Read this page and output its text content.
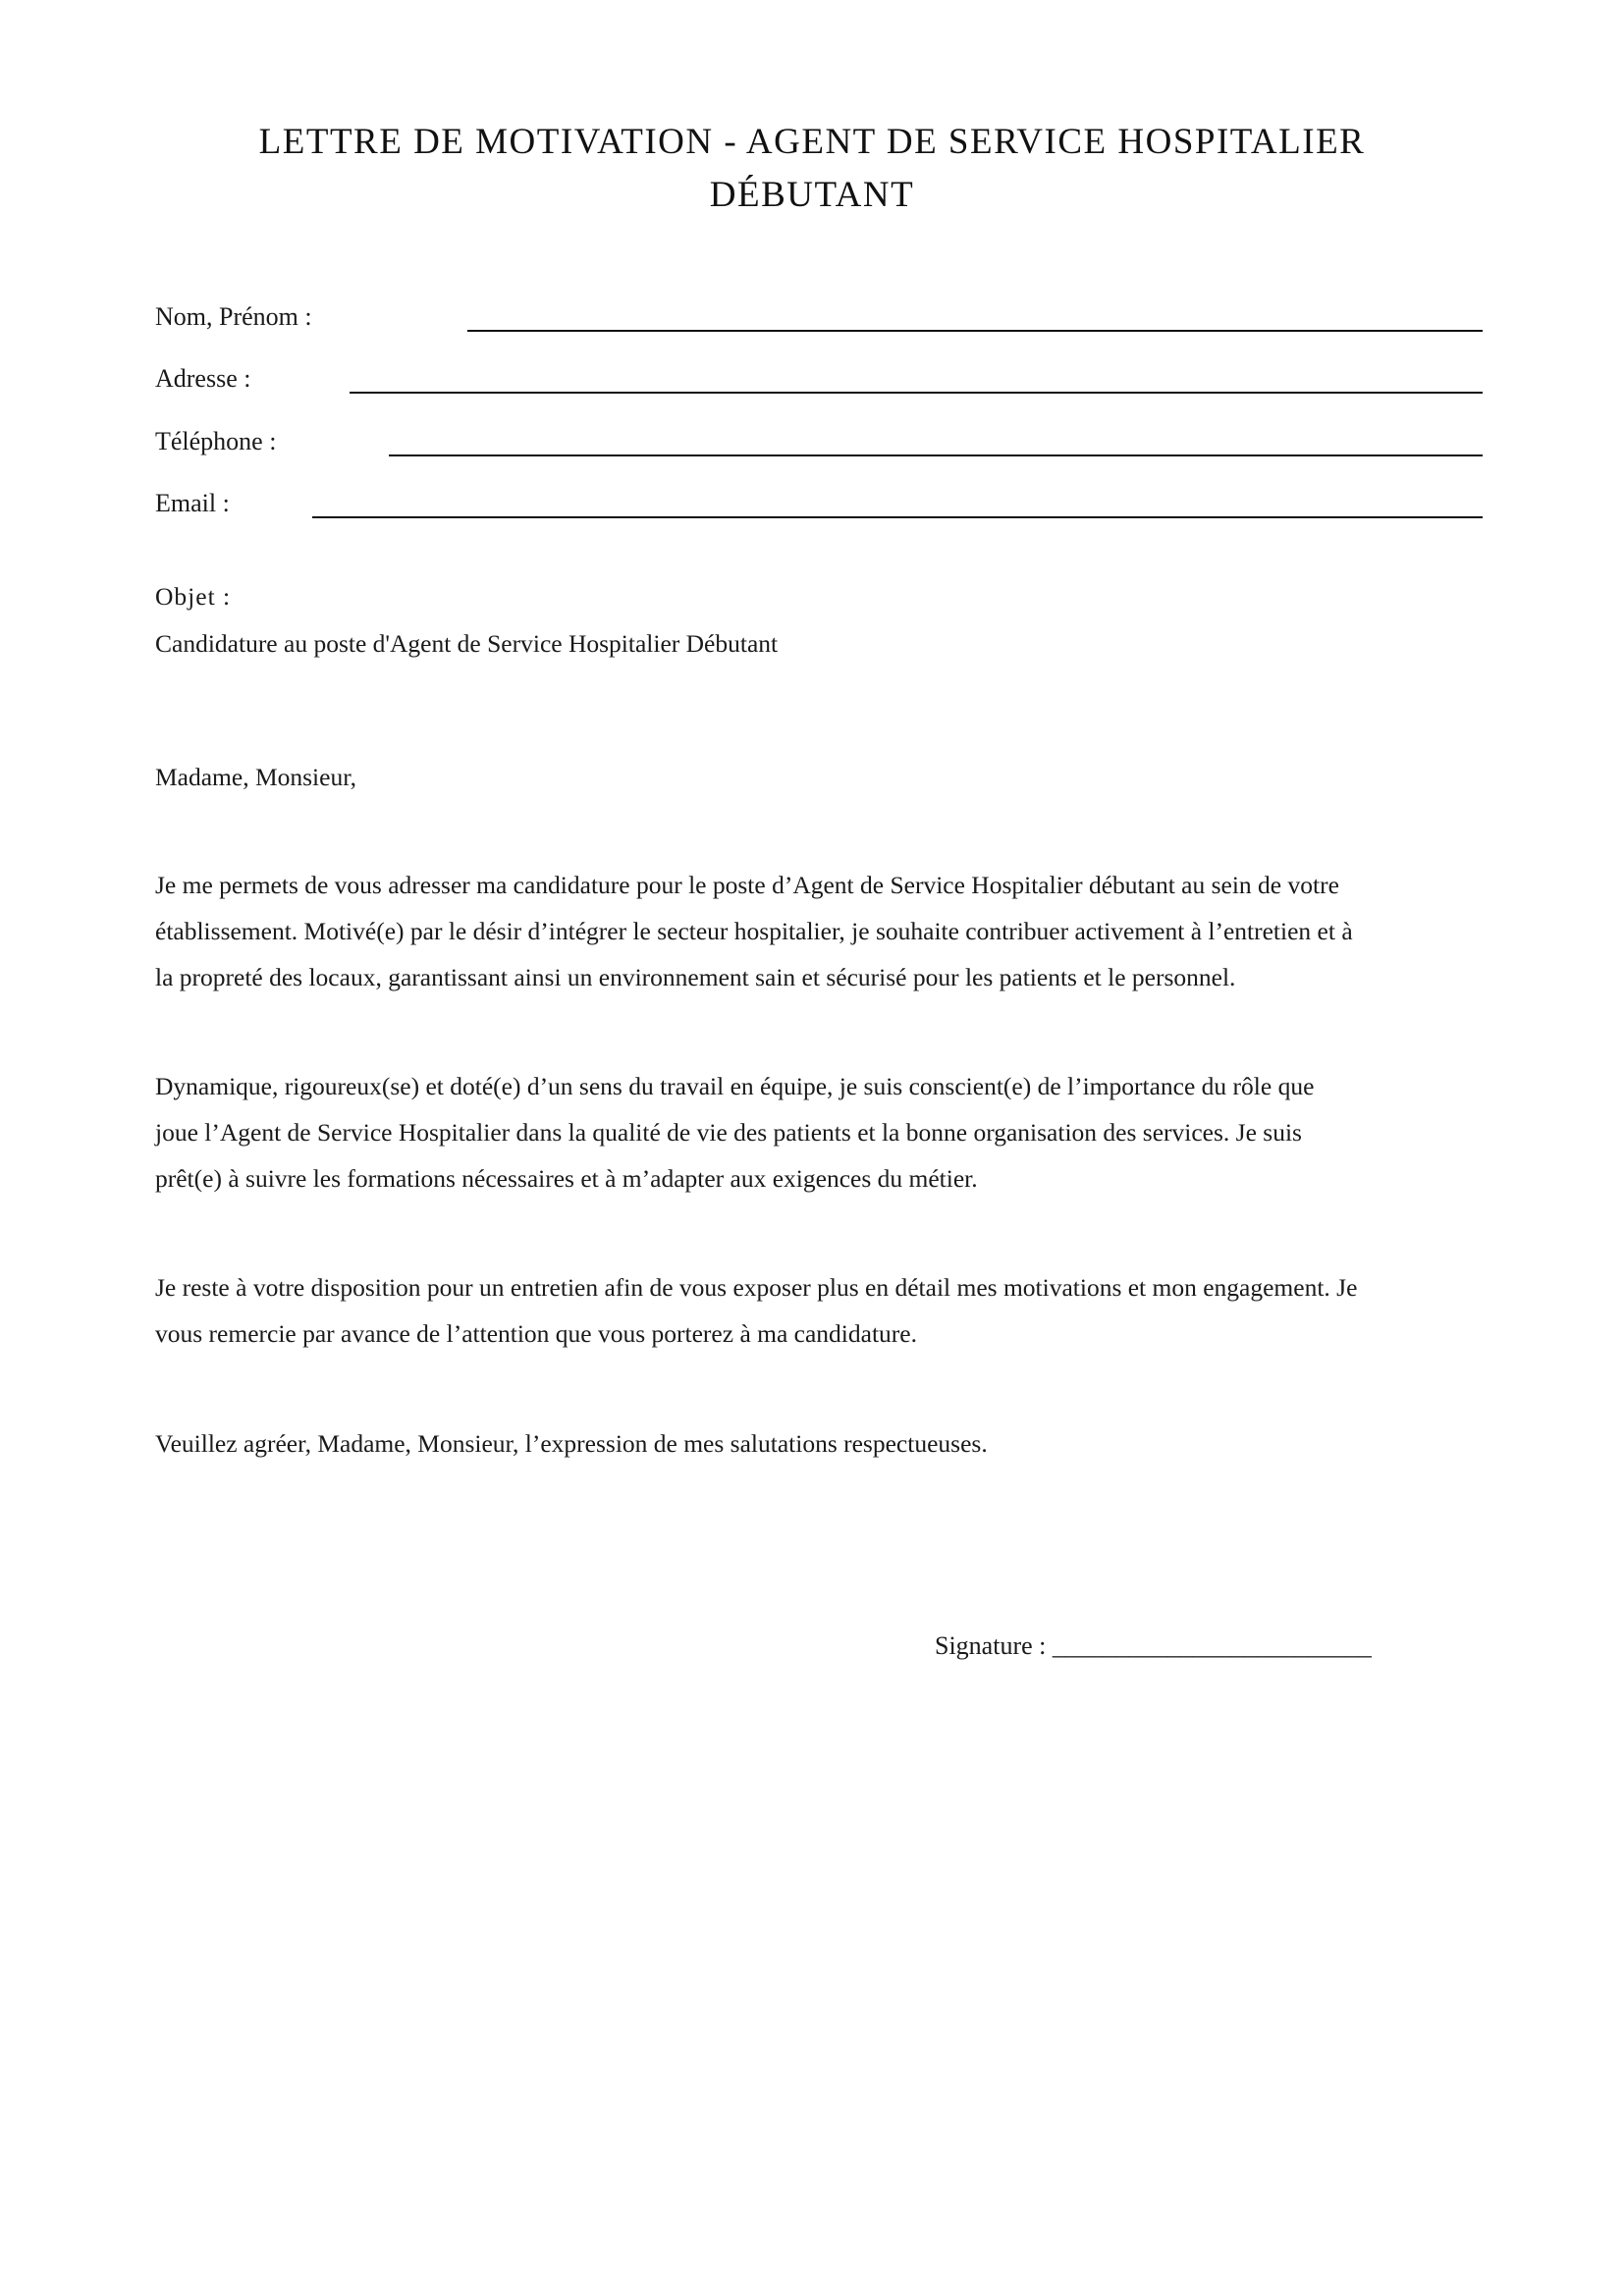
LETTRE DE MOTIVATION - AGENT DE SERVICE HOSPITALIER
DÉBUTANT
Nom, Prénom :
Adresse :
Téléphone :
Email :
Objet :
Candidature au poste d'Agent de Service Hospitalier Débutant
Madame, Monsieur,
Je me permets de vous adresser ma candidature pour le poste d’Agent de Service Hospitalier débutant au sein de votre
établissement. Motivé(e) par le désir d’intégrer le secteur hospitalier, je souhaite contribuer activement à l’entretien et à
la propreté des locaux, garantissant ainsi un environnement sain et sécurisé pour les patients et le personnel.
Dynamique, rigoureux(se) et doté(e) d’un sens du travail en équipe, je suis conscient(e) de l’importance du rôle que
joue l’Agent de Service Hospitalier dans la qualité de vie des patients et la bonne organisation des services. Je suis
prêt(e) à suivre les formations nécessaires et à m’adapter aux exigences du métier.
Je reste à votre disposition pour un entretien afin de vous exposer plus en détail mes motivations et mon engagement. Je
vous remercie par avance de l’attention que vous porterez à ma candidature.
Veuillez agréer, Madame, Monsieur, l’expression de mes salutations respectueuses.
Signature : _________________________
